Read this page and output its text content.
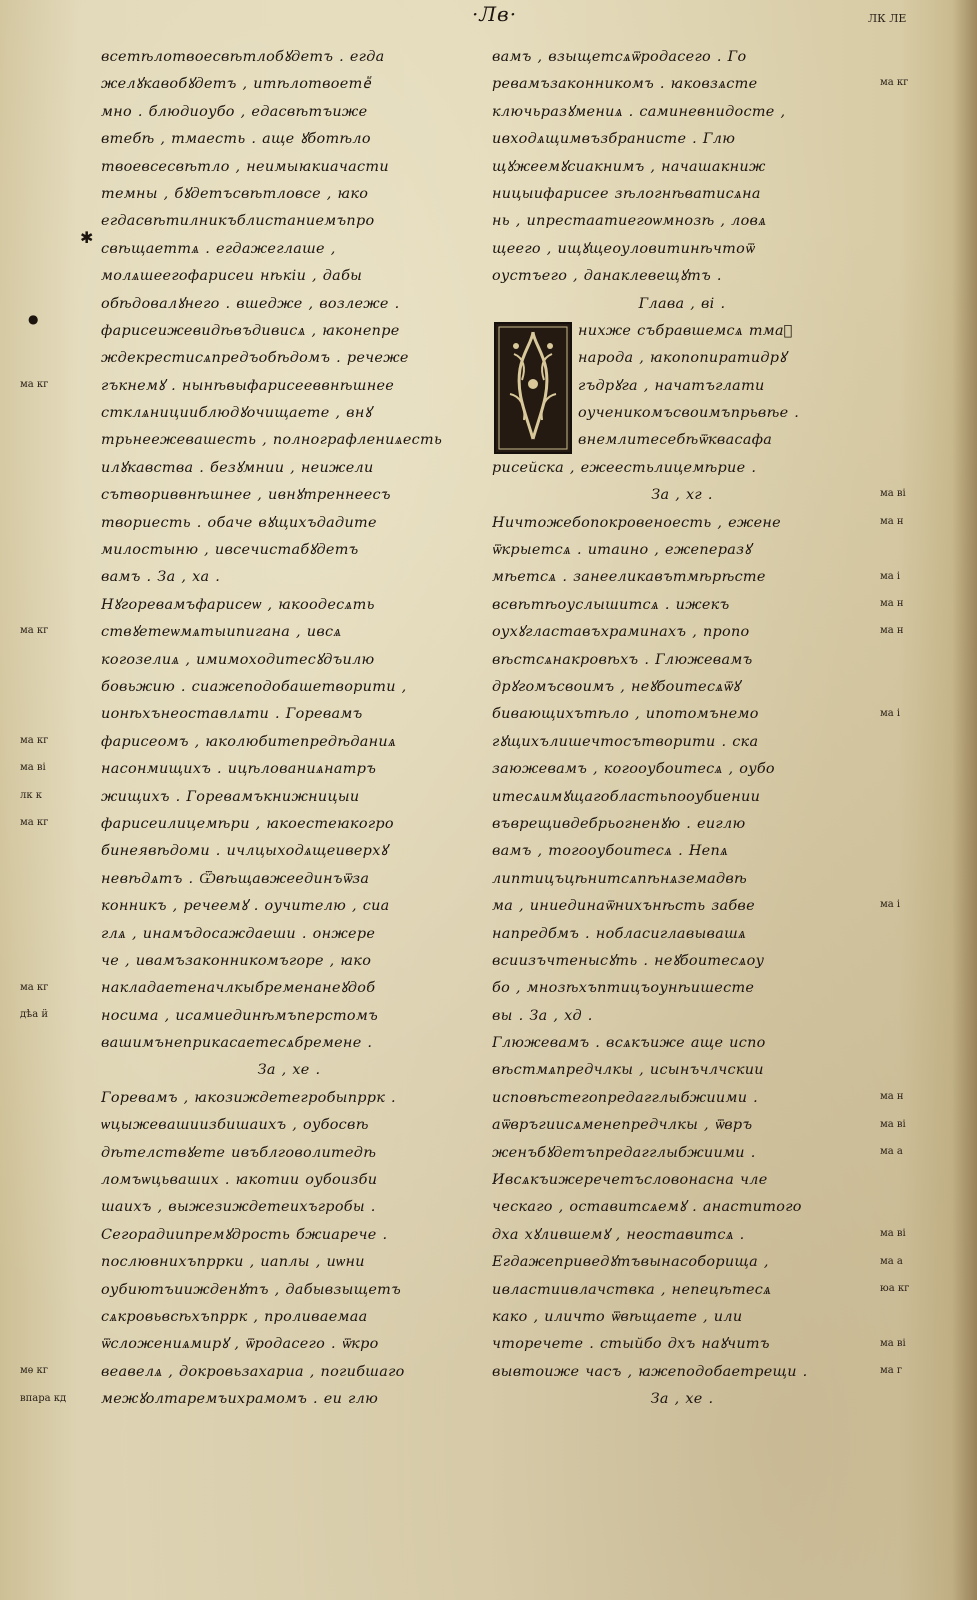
·Лв·	ЛК ЛЕ
всетѣлотвоесвѣтлобꙋдетъ . егда
желꙋкавобꙋдетъ , итѣлотвоетеⷨ
мно . блюдиоубо , едасвѣтъиже
втебѣ , тмаесть . аще ꙋботѣло
твоевсесвѣтло , неимыꙗкиачасти
темны , бꙋдетъсвѣтловсе , ꙗко
егдасвѣтилникъблистаниемъпро
свѣщаеттѧ . егдажеглаше ,
молѧшеегофарисеи нѣкіи , дабы
обѣдовалꙋнего . вшедже , возлеже .
фарисеижевидѣвъдивисѧ , ꙗконепре
ждекрестисѧпредъобѣдомъ . речеже
гъкнемꙋ . нынѣвыфарисееввнѣшнее
стклѧницииблюдꙋочищаете , внꙋ
трьнеежевашесть , полнографлениѧесть
илꙋкавства . безꙋмнии , неижели
сътвориввнѣшнее , ивнꙋтреннеесъ
твориесть . обаче вꙋщихъдадите
милостыню , ивсечистабꙋдетъ
вамъ . За , ха .
Нꙋгоревамъфарисеѡ , ꙗкоодесѧть
ствꙋетеѡмѧтыипигана , ивсѧ
когозелиѧ , имимоходитесꙋдъилю
бовьжию . сиажеподобашетворити ,
ионѣхънеоставлѧти . Горевамъ
фарисеомъ , ꙗколюбитепредѣданиѧ
насонмищихъ . ицѣлованиѧнатръ
жищихъ . Горевамъкнижницыи
фарисеилицемѣри , ꙗкоестеꙗкогро
бинеявѣдоми . ичлцыходѧщеиверхꙋ
невѣдѧтъ . Ѿвѣщавжеединъѿза
конникъ , речеемꙋ . оучителю , сиа
глѧ , инамъдосаждаеши . онжере
че , ивамъзаконникомъгоре , ꙗко
накладаетеначлкыбременанеꙋдоб
носима , исамиединѣмъперстомъ
вашимънеприкасаетесѧбремене .
За , хе .
Горевамъ , ꙗкозиждетегробыпррк .
ѡцыжевашиизбишаихъ , оубосвѣ
дѣтелствꙋете ивъблговолитедѣ
ломъѡцьваших . ꙗкотии оубоизби
шаихъ , выжезиждетеихъгробы .
Сегорадиипремꙋдрость бжиаречe .
послювнихъпррки , иаплы , иѡни
оубиютъиижденꙋтъ , дабывзыщетъ
сѧкровьвсѣхъпррк , проливаемаа
ѿсложениѧмирꙋ , ѿродасего . ѿкро
веавелѧ , докровьзахариа , погибшаго
межꙋолтаремъихрамомъ . еи глю
вамъ , взыщетсѧѿродасего . Го
ревамъзаконникомъ . ꙗковзѧсте
ключьразꙋмениѧ . саминевнидосте ,
ивходѧщимвъзбранисте . Глю
щꙋжеемꙋсиакнимъ , начашакниж
ницыифарисее зѣлогнѣватисѧна
нь , ипрестаатиегоѡмнозѣ , ловѧ
щеего , ищꙋщеоуловитинѣчтоѿ
оустъего , данаклевещꙋтъ .
Глава , ві .
нихже събравшемсѧ тмаⷨ
народа , ꙗкопопиратидрꙋ
гъдрꙋга , начатъглати
оученикомъсвоимъпрьвѣе .
внемлитесебѣѿквасафа
рисейска , ежеестьлицемѣрие .
За , хг .
Ничтожебопокровеноесть , ежене
ѿкрыетсѧ . итаино , ежеперазꙋ
мѣетсѧ . занееликавътмѣрѣсте
всвѣтѣоуслышитсѧ . ижекъ
оухꙋгластавъхраминахъ , пропо
вѣстсѧнакровѣхъ . Глюжевамъ
дрꙋгомъсвоимъ , неꙋбоитесѧѿꙋ
бивающихътѣло , ипотомънемо
гꙋщихълишечтосътворити . ска
заюжевамъ , когооубоитесѧ , оубо
итесѧимꙋщагобластьпооубиении
въврещивдебрьогненꙋю . еиглю
вамъ , тогооубоитесѧ . Непѧ
липтицъцѣнитсѧпѣнѧземадвѣ
ма , иниединаѿнихънѣсть забве
напредбмъ . нобласиглавывашѧ
всиизъчтенысꙋть . неꙋбоитесѧоу
бо , мнозѣхъптицъоунѣишесте
вы . За , хд .
Глюжевамъ . всѧкъиже аще испо
вѣстмѧпредчлкы , исынъчлчскии
исповѣстегопредагглыбжиими .
аѿвръгиисѧменепредчлкы , ѿвръ
женъбꙋдетъпредагглыбжиими .
Ивсѧкъижеречетъсловонасна чле
ческаго , оставитсѧемꙋ . анаститого
дха хꙋлившемꙋ , неоставитсѧ .
Егдажеприведꙋтъвынасоборища ,
ивластиивлачствка , непецѣтесѧ
како , иличто ѿвѣщаете , или
чторечете . стыйбо дхъ наꙋчитъ
вывтоиже часъ , ꙗжеподобаетрещи .
За , хе .
✱
●
ма кг
ма кг
ма кг
ма ві
лк к
ма кг
ма кг
дѣа ӥ
мѳ кг
впара кд
ма кг
ма ві
ма н
ма і
ма н
ма н
ма і
ма і
ма н
ма ві
ма а
ма ві
ма а
юа кг
ма ві
ма г
